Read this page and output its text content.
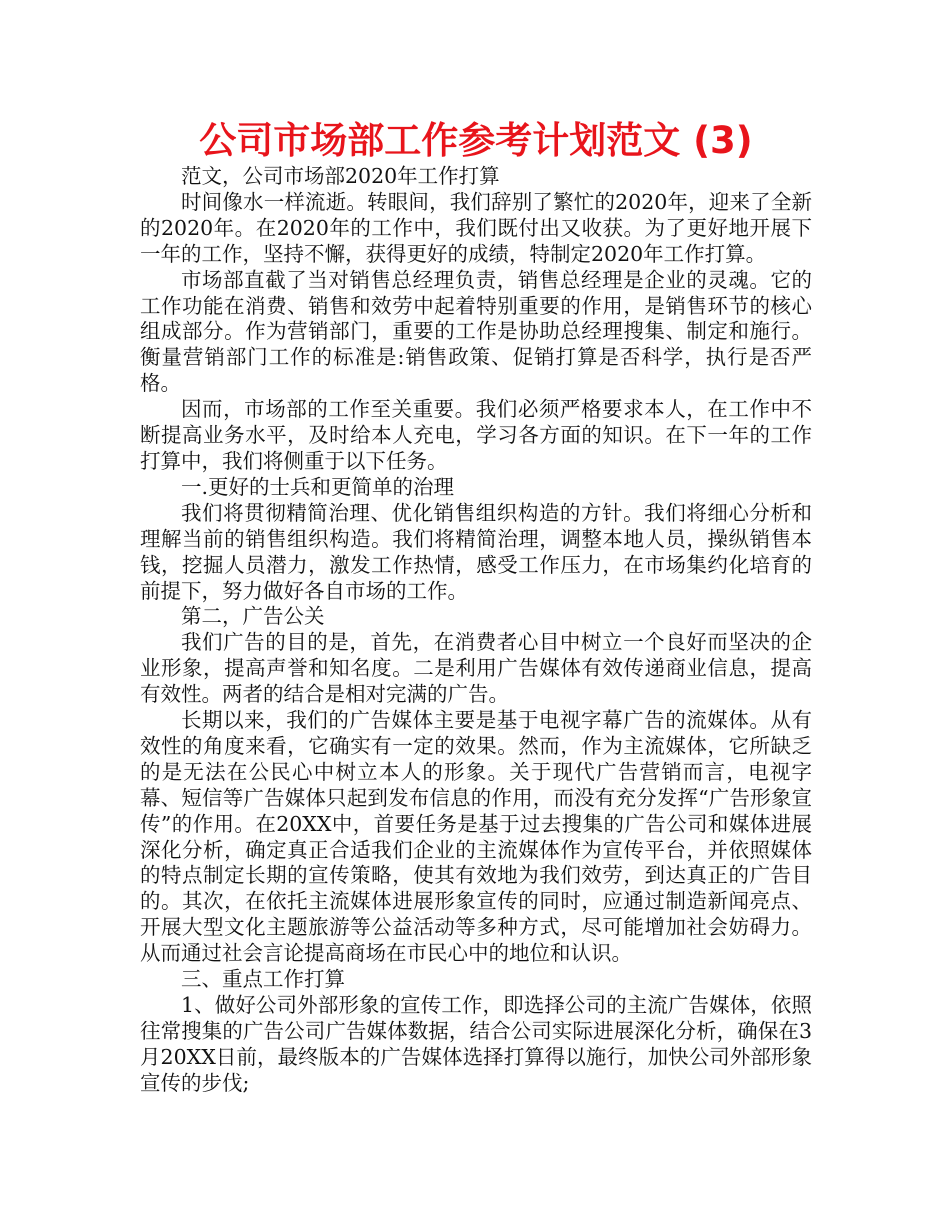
公司市场部工作参考计划范文 (3)

范文，公司市场部2020年工作打算

时间像水一样流逝。转眼间，我们辞别了繁忙的2020年，迎来了全新的2020年。在2020年的工作中，我们既付出又收获。为了更好地开展下一年的工作，坚持不懈，获得更好的成绩，特制定2020年工作打算。

市场部直截了当对销售总经理负责，销售总经理是企业的灵魂。它的工作功能在消费、销售和效劳中起着特别重要的作用，是销售环节的核心组成部分。作为营销部门，重要的工作是协助总经理搜集、制定和施行。衡量营销部门工作的标准是:销售政策、促销打算是否科学，执行是否严格。

因而，市场部的工作至关重要。我们必须严格要求本人，在工作中不断提高业务水平，及时给本人充电，学习各方面的知识。在下一年的工作打算中，我们将侧重于以下任务。

一.更好的士兵和更简单的治理

我们将贯彻精简治理、优化销售组织构造的方针。我们将细心分析和理解当前的销售组织构造。我们将精简治理，调整本地人员，操纵销售本钱，挖掘人员潜力，激发工作热情，感受工作压力，在市场集约化培育的前提下，努力做好各自市场的工作。

第二，广告公关

我们广告的目的是，首先，在消费者心目中树立一个良好而坚决的企业形象，提高声誉和知名度。二是利用广告媒体有效传递商业信息，提高有效性。两者的结合是相对完满的广告。

长期以来，我们的广告媒体主要是基于电视字幕广告的流媒体。从有效性的角度来看，它确实有一定的效果。然而，作为主流媒体，它所缺乏的是无法在公民心中树立本人的形象。关于现代广告营销而言，电视字幕、短信等广告媒体只起到发布信息的作用，而没有充分发挥“广告形象宣传”的作用。在20XX中，首要任务是基于过去搜集的广告公司和媒体进展深化分析，确定真正合适我们企业的主流媒体作为宣传平台，并依照媒体的特点制定长期的宣传策略，使其有效地为我们效劳，到达真正的广告目的。其次，在依托主流媒体进展形象宣传的同时，应通过制造新闻亮点、开展大型文化主题旅游等公益活动等多种方式，尽可能增加社会妨碍力。从而通过社会言论提高商场在市民心中的地位和认识。

三、重点工作打算

1、做好公司外部形象的宣传工作，即选择公司的主流广告媒体，依照往常搜集的广告公司广告媒体数据，结合公司实际进展深化分析，确保在3月20XX日前，最终版本的广告媒体选择打算得以施行，加快公司外部形象宣传的步伐;
